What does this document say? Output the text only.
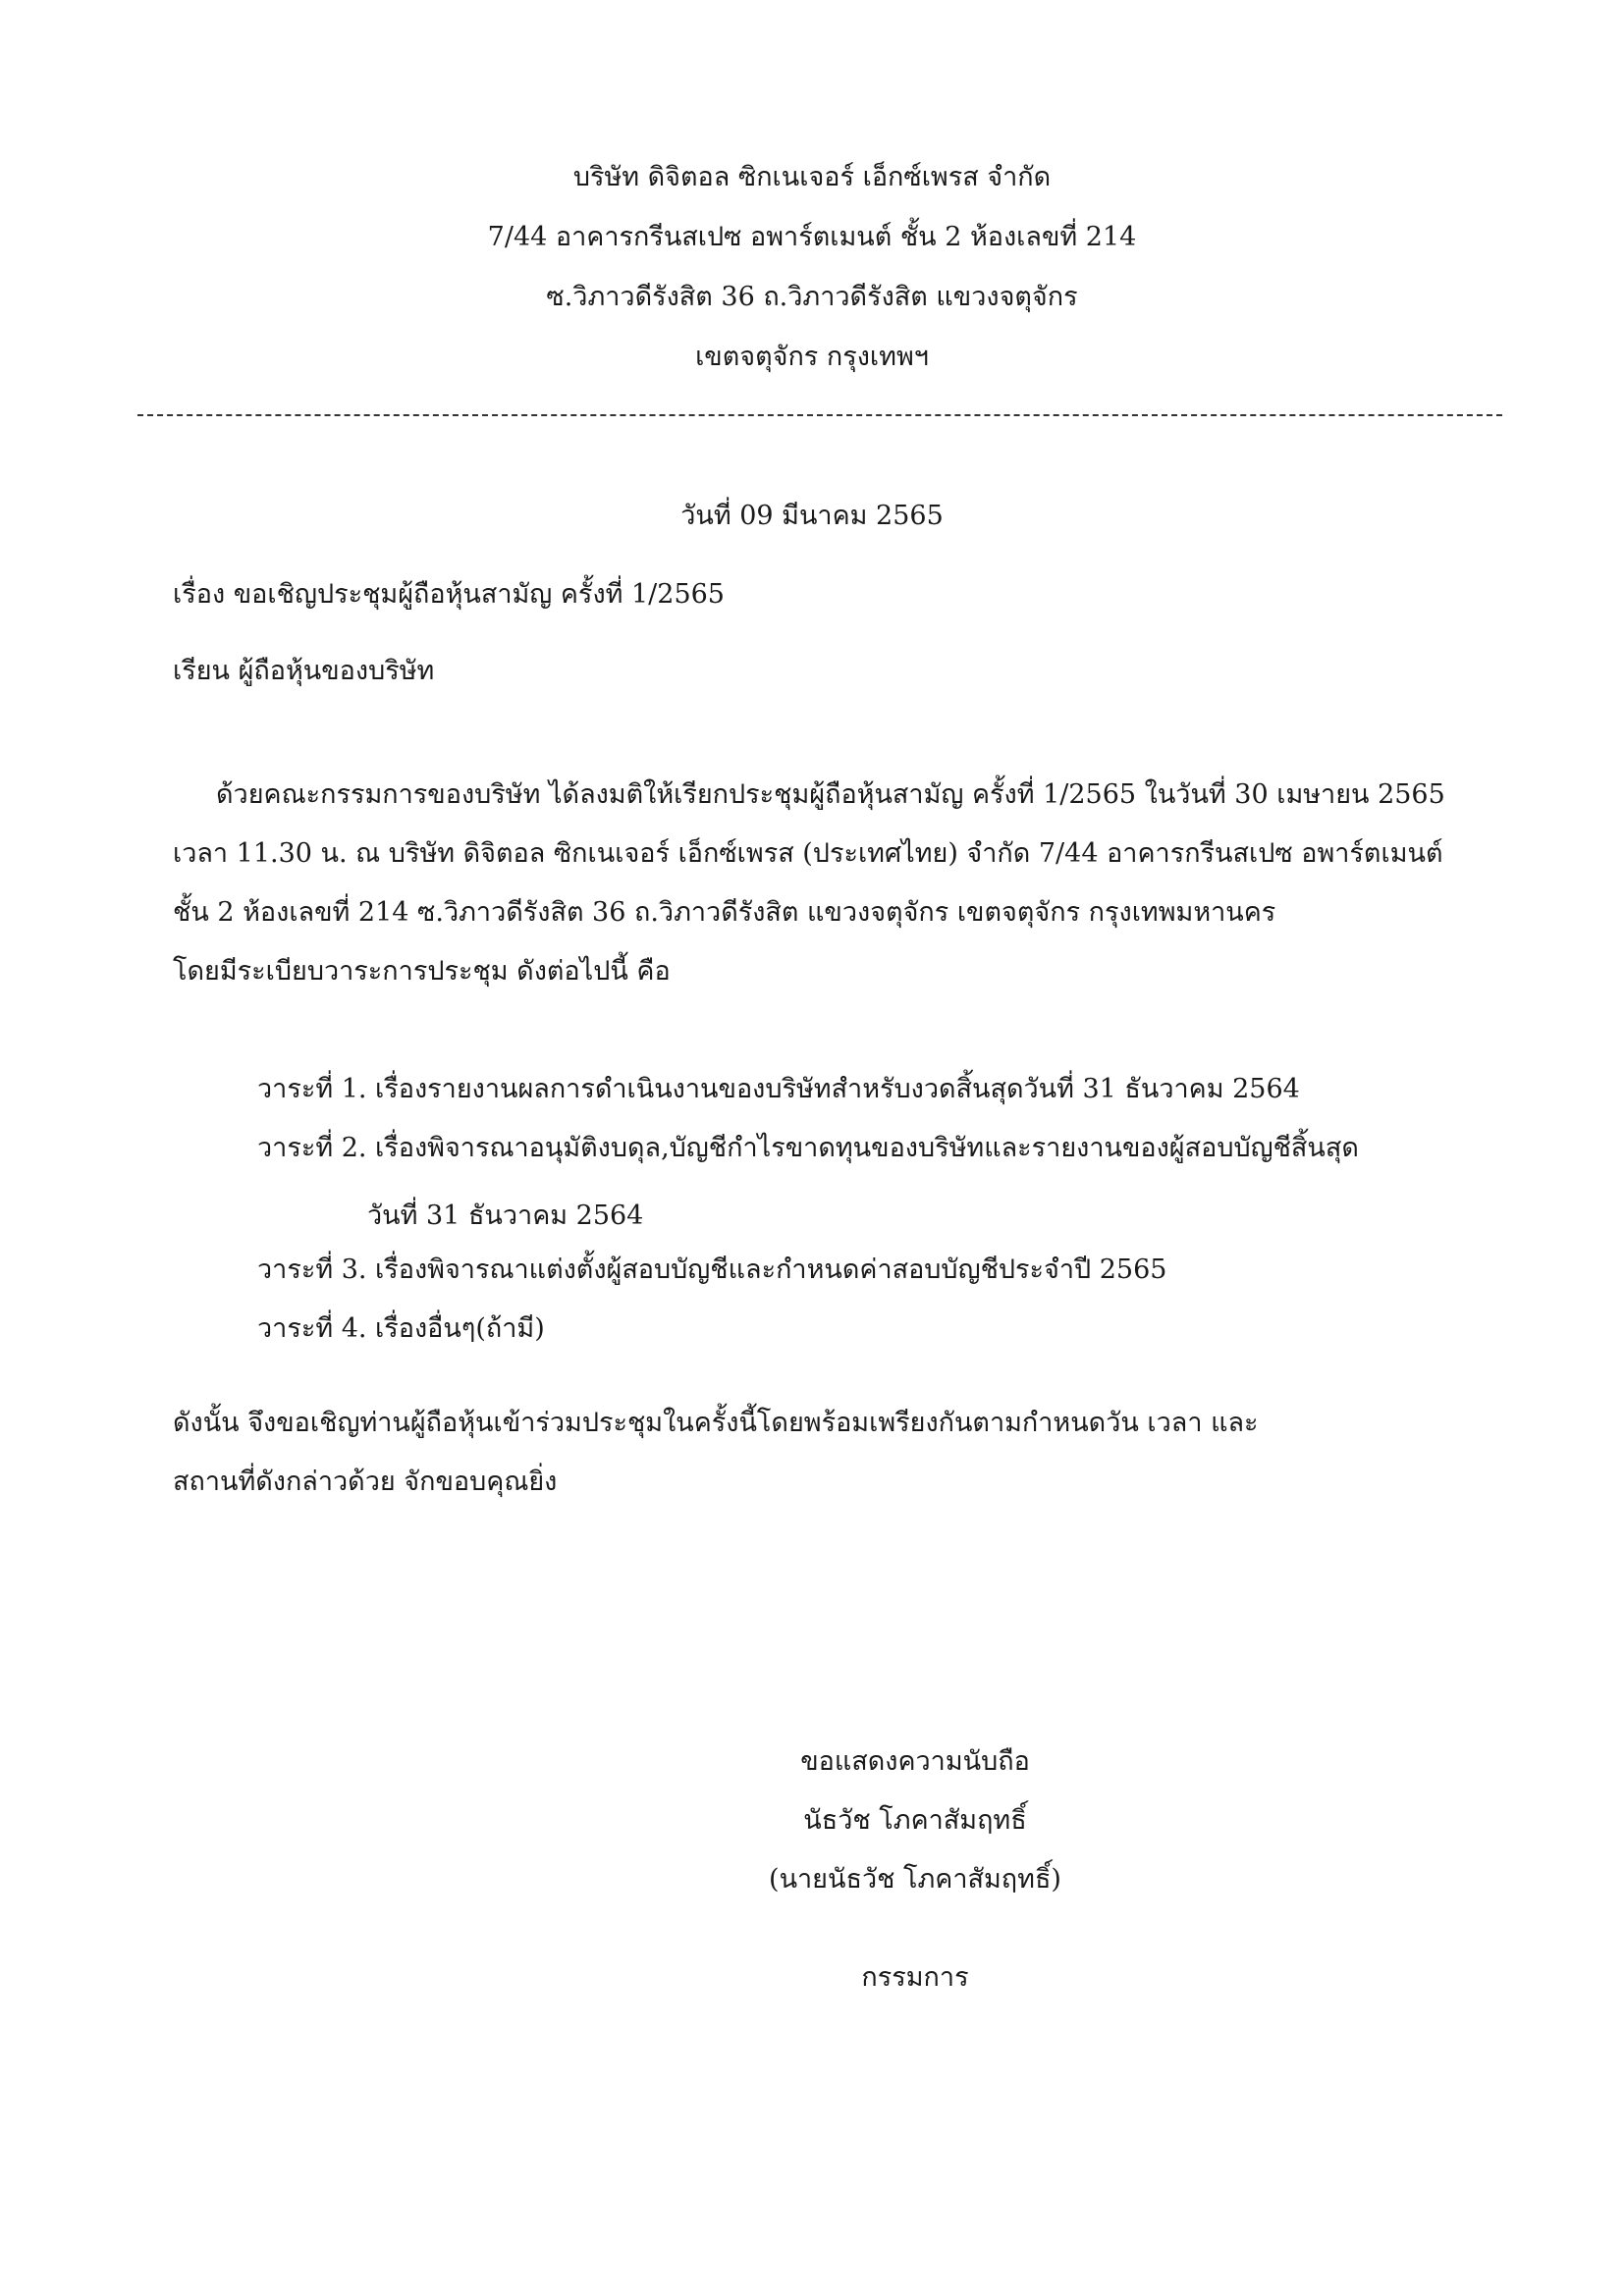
บริษัท ดิจิตอล ซิกเนเจอร์ เอ็กซ์เพรส จำกัด
7/44 อาคารกรีนสเปซ อพาร์ตเมนต์ ชั้น 2 ห้องเลขที่ 214
ซ.วิภาวดีรังสิต 36 ถ.วิภาวดีรังสิต แขวงจตุจักร
เขตจตุจักร กรุงเทพฯ
วันที่ 09 มีนาคม 2565
เรื่อง ขอเชิญประชุมผู้ถือหุ้นสามัญ ครั้งที่ 1/2565
เรียน ผู้ถือหุ้นของบริษัท
ด้วยคณะกรรมการของบริษัท ได้ลงมติให้เรียกประชุมผู้ถือหุ้นสามัญ ครั้งที่ 1/2565 ในวันที่ 30 เมษายน 2565
เวลา 11.30 น. ณ บริษัท ดิจิตอล ซิกเนเจอร์ เอ็กซ์เพรส (ประเทศไทย) จำกัด 7/44 อาคารกรีนสเปซ อพาร์ตเมนต์
ชั้น 2 ห้องเลขที่ 214 ซ.วิภาวดีรังสิต 36 ถ.วิภาวดีรังสิต แขวงจตุจักร เขตจตุจักร กรุงเทพมหานคร
โดยมีระเบียบวาระการประชุม ดังต่อไปนี้ คือ
วาระที่ 1. เรื่องรายงานผลการดำเนินงานของบริษัทสำหรับงวดสิ้นสุดวันที่ 31 ธันวาคม 2564
วาระที่ 2. เรื่องพิจารณาอนุมัติงบดุล,บัญชีกำไรขาดทุนของบริษัทและรายงานของผู้สอบบัญชีสิ้นสุด
วันที่ 31 ธันวาคม 2564
วาระที่ 3. เรื่องพิจารณาแต่งตั้งผู้สอบบัญชีและกำหนดค่าสอบบัญชีประจำปี 2565
วาระที่ 4. เรื่องอื่นๆ(ถ้ามี)
ดังนั้น จึงขอเชิญท่านผู้ถือหุ้นเข้าร่วมประชุมในครั้งนี้โดยพร้อมเพรียงกันตามกำหนดวัน เวลา และ
สถานที่ดังกล่าวด้วย จักขอบคุณยิ่ง
ขอแสดงความนับถือ
นัธวัช โภคาสัมฤทธิ์
(นายนัธวัช โภคาสัมฤทธิ์)
กรรมการ
